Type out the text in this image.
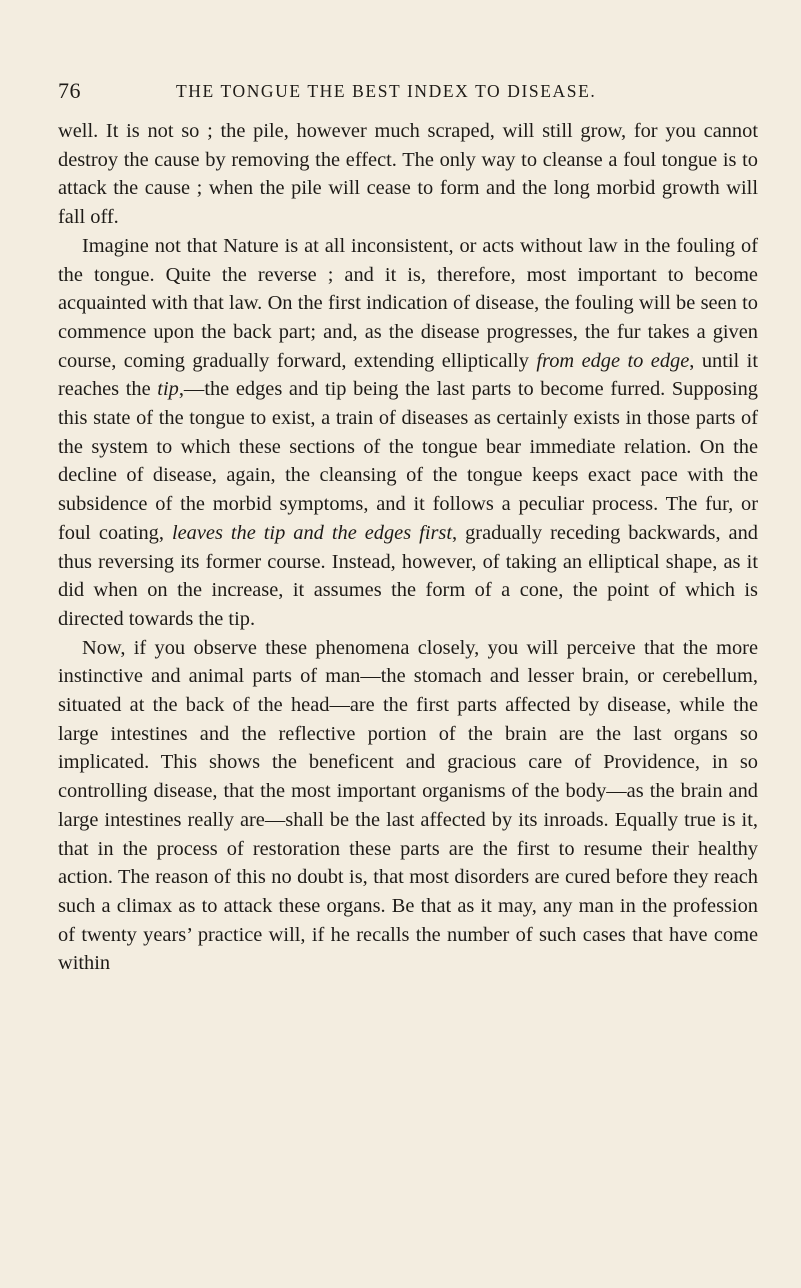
76	THE TONGUE THE BEST INDEX TO DISEASE.

well. It is not so ; the pile, however much scraped, will still grow, for you cannot destroy the cause by removing the effect. The only way to cleanse a foul tongue is to attack the cause ; when the pile will cease to form and the long morbid growth will fall off.

Imagine not that Nature is at all inconsistent, or acts without law in the fouling of the tongue. Quite the reverse ; and it is, therefore, most important to become acquainted with that law. On the first indication of disease, the fouling will be seen to commence upon the back part; and, as the disease progresses, the fur takes a given course, coming gradually forward, extending elliptically from edge to edge, until it reaches the tip,—the edges and tip being the last parts to become furred. Supposing this state of the tongue to exist, a train of diseases as certainly exists in those parts of the system to which these sections of the tongue bear immediate relation. On the decline of disease, again, the cleansing of the tongue keeps exact pace with the subsidence of the morbid symptoms, and it follows a peculiar process. The fur, or foul coating, leaves the tip and the edges first, gradually receding backwards, and thus reversing its former course. Instead, however, of taking an elliptical shape, as it did when on the increase, it assumes the form of a cone, the point of which is directed towards the tip.

Now, if you observe these phenomena closely, you will perceive that the more instinctive and animal parts of man—the stomach and lesser brain, or cerebellum, situated at the back of the head—are the first parts affected by disease, while the large intestines and the reflective portion of the brain are the last organs so implicated. This shows the beneficent and gracious care of Providence, in so controlling disease, that the most important organisms of the body—as the brain and large intestines really are—shall be the last affected by its inroads. Equally true is it, that in the process of restoration these parts are the first to resume their healthy action. The reason of this no doubt is, that most disorders are cured before they reach such a climax as to attack these organs. Be that as it may, any man in the profession of twenty years’ practice will, if he recalls the number of such cases that have come within
